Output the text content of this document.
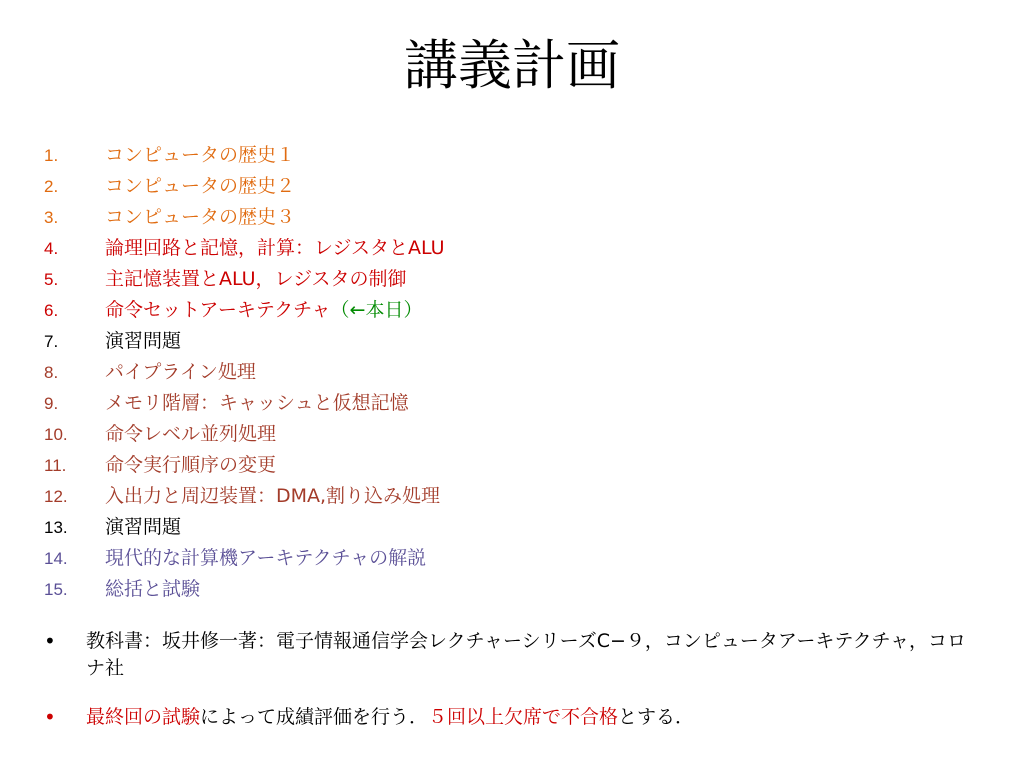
講義計画
1.	コンピュータの歴史１
2.	コンピュータの歴史２
3.	コンピュータの歴史３
4.	論理回路と記憶，計算：レジスタとALU
5.	主記憶装置とALU，レジスタの制御
6.	命令セットアーキテクチャ （←本日）
7.	演習問題
8.	パイプライン処理
9.	メモリ階層：キャッシュと仮想記憶
10.	命令レベル並列処理
11.	命令実行順序の変更
12.	入出力と周辺装置：DMA,割り込み処理
13.	演習問題
14.	現代的な計算機アーキテクチャの解説
15.	総括と試験
•	教科書：坂井修一著：電子情報通信学会レクチャーシリーズC−９，コンピュータアーキテクチャ，コロナ社
•	最終回の試験によって成績評価を行う．５回以上欠席で不合格とする．
